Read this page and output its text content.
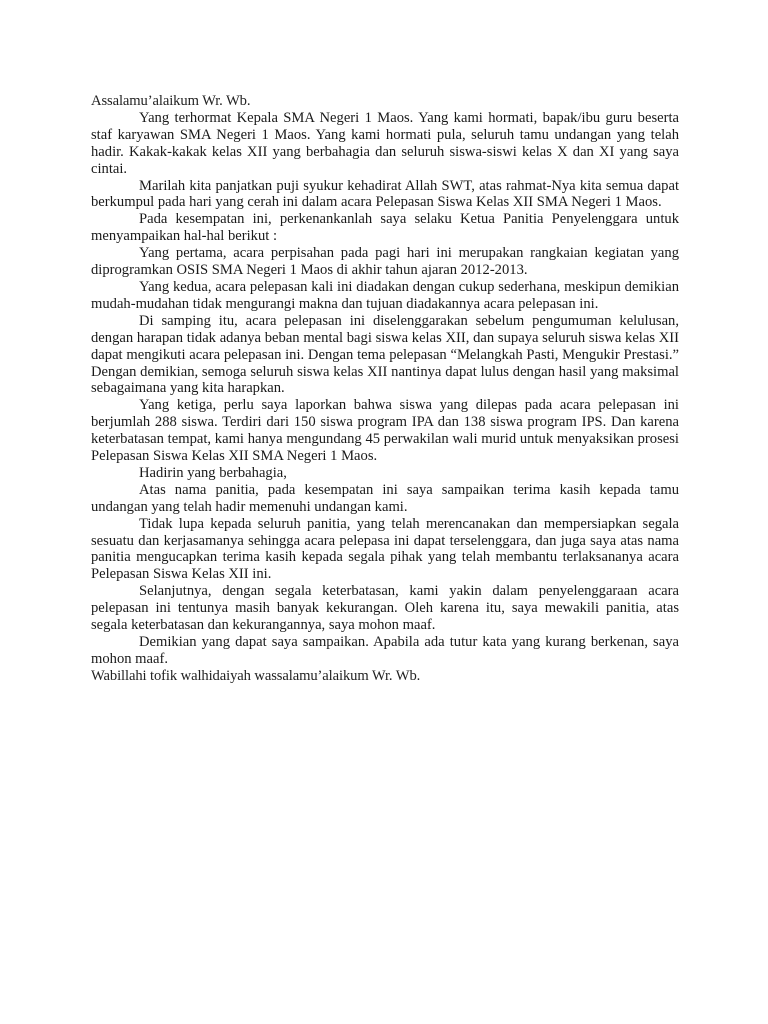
Assalamu’alaikum Wr. Wb.

Yang terhormat Kepala SMA Negeri 1 Maos. Yang kami hormati, bapak/ibu guru beserta staf karyawan SMA Negeri 1 Maos. Yang kami hormati pula, seluruh tamu undangan yang telah hadir. Kakak-kakak kelas XII yang berbahagia dan seluruh siswa-siswi kelas X dan XI yang saya cintai.

Marilah kita panjatkan puji syukur kehadirat Allah SWT, atas rahmat-Nya kita semua dapat berkumpul pada hari yang cerah ini dalam acara Pelepasan Siswa Kelas XII SMA Negeri 1 Maos.

Pada kesempatan ini, perkenankanlah saya selaku Ketua Panitia Penyelenggara untuk menyampaikan hal-hal berikut :

Yang pertama, acara perpisahan pada pagi hari ini merupakan rangkaian kegiatan yang diprogramkan OSIS SMA Negeri 1 Maos di akhir tahun ajaran 2012-2013.

Yang kedua, acara pelepasan kali ini diadakan dengan cukup sederhana, meskipun demikian mudah-mudahan tidak mengurangi makna dan tujuan diadakannya acara pelepasan ini.

Di samping itu, acara pelepasan ini diselenggarakan sebelum pengumuman kelulusan, dengan harapan tidak adanya beban mental bagi siswa kelas XII, dan supaya seluruh siswa kelas XII dapat mengikuti acara pelepasan ini. Dengan tema pelepasan “Melangkah Pasti, Mengukir Prestasi.” Dengan demikian, semoga seluruh siswa kelas XII nantinya dapat lulus dengan hasil yang maksimal sebagaimana yang kita harapkan.

Yang ketiga, perlu saya laporkan bahwa siswa yang dilepas pada acara pelepasan ini berjumlah 288 siswa. Terdiri dari 150 siswa program IPA dan 138 siswa program IPS. Dan karena keterbatasan tempat, kami hanya mengundang 45 perwakilan wali murid untuk menyaksikan prosesi Pelepasan Siswa Kelas XII SMA Negeri 1 Maos.

Hadirin yang berbahagia,

Atas nama panitia, pada kesempatan ini saya sampaikan terima kasih kepada tamu undangan yang telah hadir memenuhi undangan kami.

Tidak lupa kepada seluruh panitia, yang telah merencanakan dan mempersiapkan segala sesuatu dan kerjasamanya sehingga acara pelepasa ini dapat terselenggara, dan juga saya atas nama panitia mengucapkan terima kasih kepada segala pihak yang telah membantu terlaksananya acara Pelepasan Siswa Kelas XII ini.

Selanjutnya, dengan segala keterbatasan, kami yakin dalam penyelenggaraan acara pelepasan ini tentunya masih banyak kekurangan. Oleh karena itu, saya mewakili panitia, atas segala keterbatasan dan kekurangannya, saya mohon maaf.

Demikian yang dapat saya sampaikan. Apabila ada tutur kata yang kurang berkenan, saya mohon maaf.

Wabillahi tofik walhidaiyah wassalamu’alaikum Wr. Wb.
